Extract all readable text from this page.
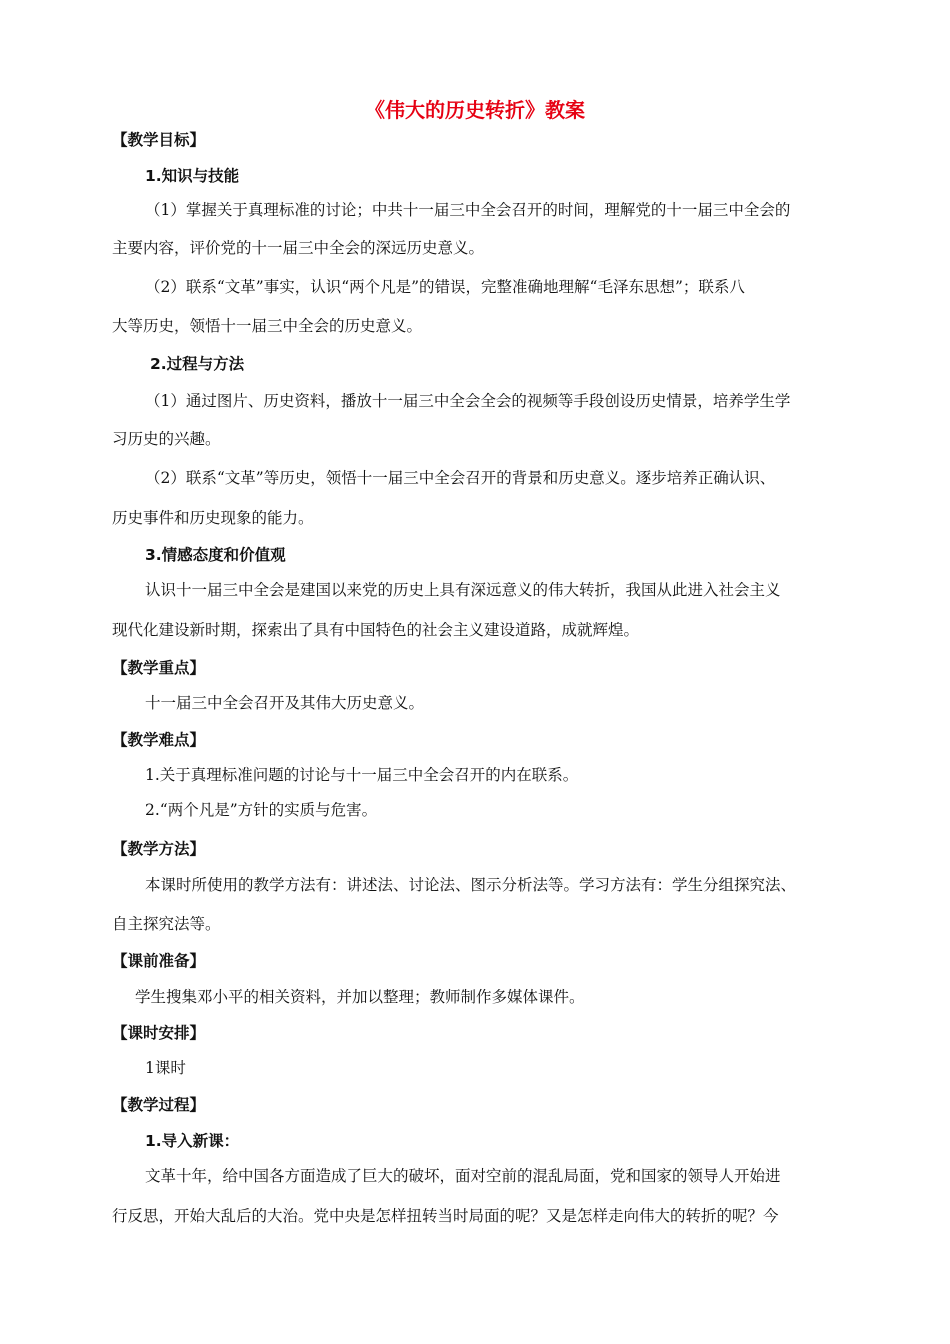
《伟大的历史转折》教案
【教学目标】
1.知识与技能
（1）掌握关于真理标准的讨论；中共十一届三中全会召开的时间，理解党的十一届三中全会的
主要内容，评价党的十一届三中全会的深远历史意义。
（2）联系“文革”事实，认识“两个凡是”的错误，完整准确地理解“毛泽东思想”；联系八
大等历史，领悟十一届三中全会的历史意义。
2.过程与方法
（1）通过图片、历史资料，播放十一届三中全会全会的视频等手段创设历史情景，培养学生学
习历史的兴趣。
（2）联系“文革”等历史，领悟十一届三中全会召开的背景和历史意义。逐步培养正确认识、
历史事件和历史现象的能力。
3.情感态度和价值观
认识十一届三中全会是建国以来党的历史上具有深远意义的伟大转折，我国从此进入社会主义
现代化建设新时期，探索出了具有中国特色的社会主义建设道路，成就辉煌。
【教学重点】
十一届三中全会召开及其伟大历史意义。
【教学难点】
1.关于真理标准问题的讨论与十一届三中全会召开的内在联系。
2.“两个凡是”方针的实质与危害。
【教学方法】
本课时所使用的教学方法有：讲述法、讨论法、图示分析法等。学习方法有：学生分组探究法、
自主探究法等。
【课前准备】
学生搜集邓小平的相关资料，并加以整理；教师制作多媒体课件。
【课时安排】
1课时
【教学过程】
1.导入新课：
文革十年，给中国各方面造成了巨大的破坏，面对空前的混乱局面，党和国家的领导人开始进
行反思，开始大乱后的大治。党中央是怎样扭转当时局面的呢？又是怎样走向伟大的转折的呢？今
